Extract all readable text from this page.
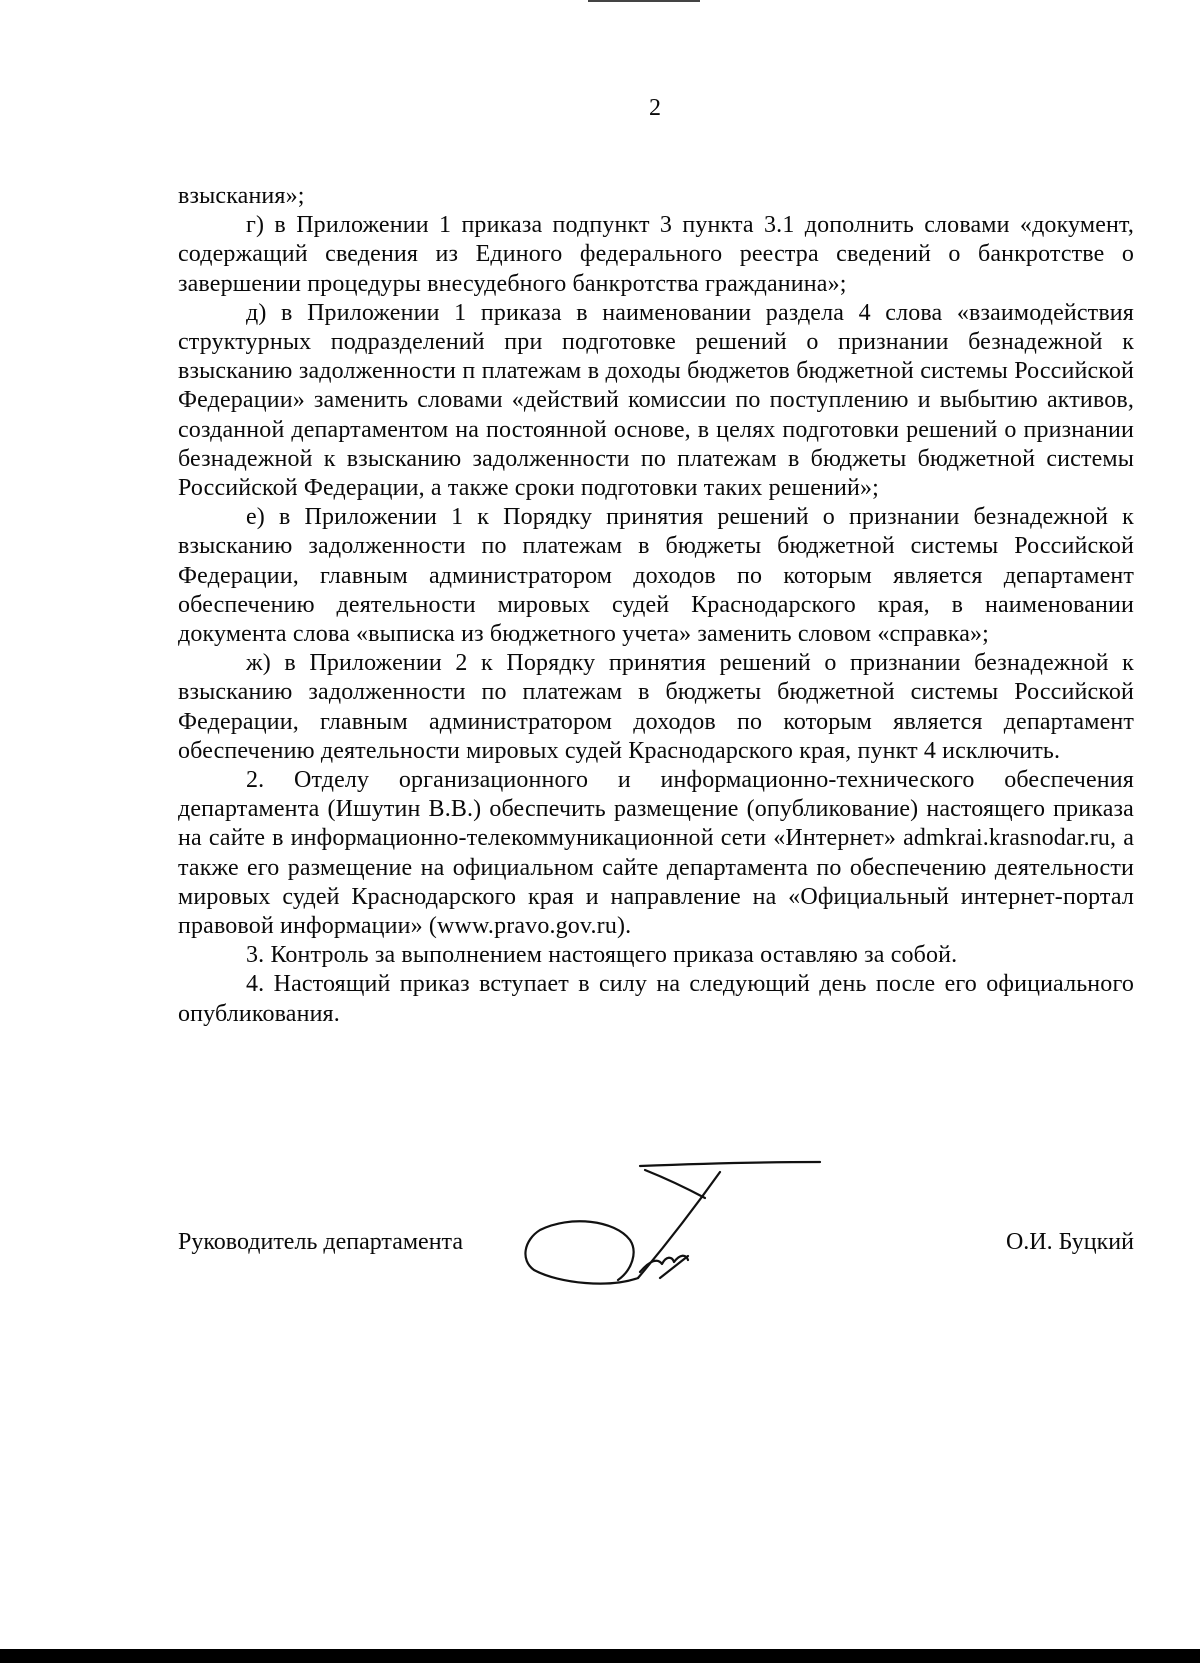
2

взыскания»;

г) в Приложении 1 приказа подпункт 3 пункта 3.1 дополнить словами «документ, содержащий сведения из Единого федерального реестра сведений о банкротстве о завершении процедуры внесудебного банкротства гражданина»;

д) в Приложении 1 приказа в наименовании раздела 4 слова «взаимодействия структурных подразделений при подготовке решений о признании безнадежной к взысканию задолженности п платежам в доходы бюджетов бюджетной системы Российской Федерации» заменить словами «действий комиссии по поступлению и выбытию активов, созданной департаментом на постоянной основе, в целях подготовки решений о признании безнадежной к взысканию задолженности по платежам в бюджеты бюджетной системы Российской Федерации, а также сроки подготовки таких решений»;

е) в Приложении 1 к Порядку принятия решений о признании безнадежной к взысканию задолженности по платежам в бюджеты бюджетной системы Российской Федерации, главным администратором доходов по которым является департамент обеспечению деятельности мировых судей Краснодарского края, в наименовании документа слова «выписка из бюджетного учета» заменить словом «справка»;

ж) в Приложении 2 к Порядку принятия решений о признании безнадежной к взысканию задолженности по платежам в бюджеты бюджетной системы Российской Федерации, главным администратором доходов по которым является департамент обеспечению деятельности мировых судей Краснодарского края, пункт 4 исключить.

2. Отделу организационного и информационно-технического обеспечения департамента (Ишутин В.В.) обеспечить размещение (опубликование) настоящего приказа на сайте в информационно-телекоммуникационной сети «Интернет» admkrai.krasnodar.ru, а также его размещение на официальном сайте департамента по обеспечению деятельности мировых судей Краснодарского края и направление на «Официальный интернет-портал правовой информации» (www.pravo.gov.ru).

3. Контроль за выполнением настоящего приказа оставляю за собой.

4. Настоящий приказ вступает в силу на следующий день после его официального опубликования.

Руководитель департамента	О.И. Буцкий
